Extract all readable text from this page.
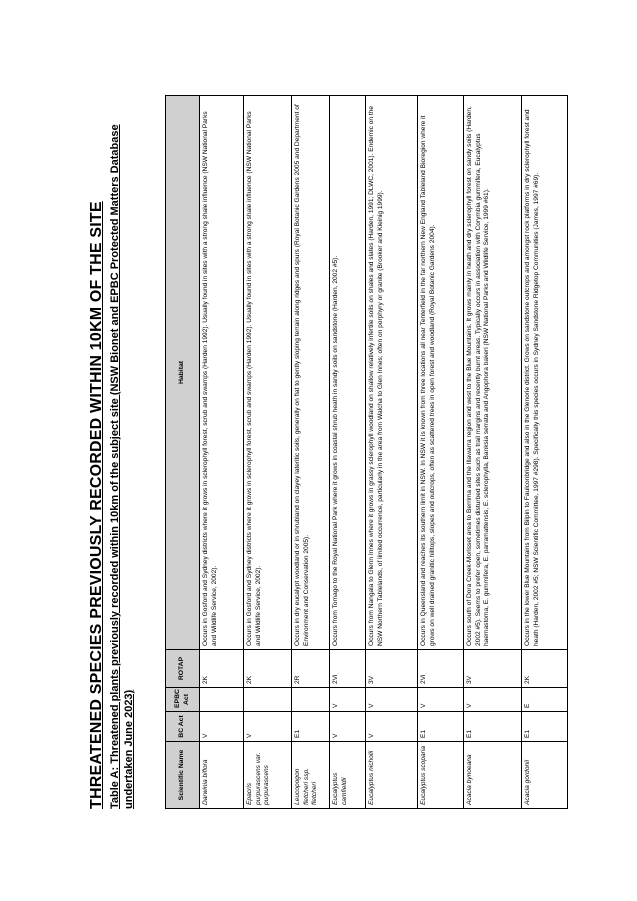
THREATENED SPECIES PREVIOUSLY RECORDED WITHIN 10KM OF THE SITE Table A: Threatened plants previously recorded within 10km of the subject site (NSW Bionet and EPBC Protected Matters Database undertaken June 2023)	Scientific Name	BC Act	EPBC Act	ROTAP	Habitat
Darwinia biflora	V		2K	Occurs in Gosford and Sydney districts where it grows in sclerophyll forest, scrub and swamps (Harden 1992). Usually found in sites with a strong shale influence (NSW National Parks and Wildlife Service, 2002).
Epacris purpurascens var. purpurascens	V		2K	Occurs in Gosford and Sydney districts where it grows in sclerophyll forest, scrub and swamps (Harden 1992). Usually found in sites with a strong shale influence (NSW National Parks and Wildlife Service, 2002).
Leucopogon fletcheri ssp. fletcheri	E1		2R	Occurs in dry eucalypt woodland or in shrubland on clayey lateritic soils, generally on flat to gently sloping terrain along ridges and spurs (Royal Botanic Gardens 2005 and Department of Environment and Conservation 2005).
Eucalyptus camfieldii	V	V	2Vi	Occurs from Tomago to the Royal National Park where it grows in coastal shrub heath in sandy soils on sandstone (Harden, 2002 #5).
Eucalyptus nicholii	V	V	3V	Occurs from Nangala to Glenn Innes where it grows in grassy sclerophyll woodland on shallow relatively infertile soils on shales and slates (Harden, 1991; DLWC, 2001). Endemic on the NSW Northern Tablelands, of limited occurrence, particularly in the area from Walcha to Glen Innes; often on porphyry or granite (Brooker and Kleinig 1999).
Eucalyptus scoparia	E1	V	2Vi	Occurs in Queensland and reaches its southern limit in NSW. In NSW it is known from three locations all near Tenterfield in the far northern New England Tableland Bioregion where it grows on well drained granitic hilltops, slopes and outcrops, often as scattered trees in open forest and woodland (Royal Botanic Gardens 2004).
Acacia bynoeana	E1	V	3V	Occurs south of Dora Creek-Morisset area to Berrima and the Illawarra region and west to the Blue Mountains. It grows mainly in heath and dry sclerophyll forest on sandy soils (Harden, 2002 #5). Seems to prefer open, sometimes disturbed sites such as trail margins and recently burnt areas. Typically occurs in association with Corymbia gummifera, Eucalyptus haemastoma, E. gummifera, E. parramattensis, E. sclerophylla, Banksia serrata and Angophora bakeri (NSW National Parks and Wildlife Service, 1999 #61).
Acacia gordonii	E1	E	2K	Occurs in the lower Blue Mountains from Bilpin to Faulconbridge and also in the Glenorie district. Grows on sandstone outcrops and amongst rock platforms in dry sclerophyll forest and heath (Harden, 2002 #5; NSW Scientific Committee, 1997 #298). Specifically this species occurs in Sydney Sandstone Ridgetop Communities (James, 1997 #69).
